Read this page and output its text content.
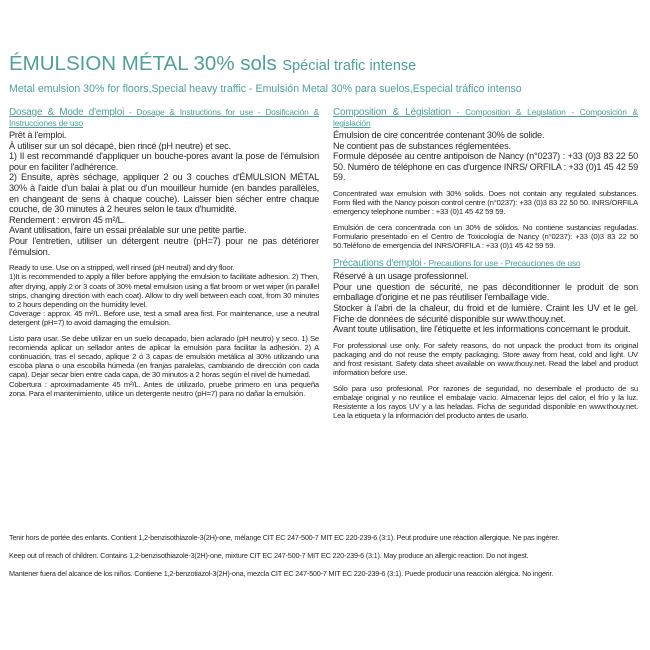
ÉMULSION MÉTAL 30% sols Spécial trafic intense

Metal emulsion 30% for floors,Special heavy traffic - Emulsión Metal 30% para suelos,Especial tráfico intenso

Dosage & Mode d'emploi - Dosage & Instructions for use - Dosificación & Instrucciones de uso

Prêt à l'emploi.

À utiliser sur un sol décapé, bien rincé (pH neutre) et sec.

1) Il est recommandé d'appliquer un bouche-pores avant la pose de l'émulsion pour en faciliter l'adhérence.

2) Ensuite, après séchage, appliquer 2 ou 3 couches d'ÉMULSION MÉTAL 30% à l'aide d'un balai à plat ou d'un mouilleur humide (en bandes parallèles, en changeant de sens à chaque couche). Laisser bien sécher entre chaque couche, de 30 minutes à 2 heures selon le taux d'humidité.

Rendement : environ 45 m²/L.

Avant utilisation, faire un essai préalable sur une petite partie.

Pour l'entretien, utiliser un détergent neutre (pH=7) pour ne pas détériorer l'émulsion.

Ready to use. Use on a stripped, well rinsed (pH neutral) and dry floor.

1)It is recommended to apply a filler before applying the emulsion to facilitate adhesion. 2) Then, after drying, apply 2 or 3 coats of 30% metal emulsion using a flat broom or wet wiper (in parallel strips, changing direction with each coat). Allow to dry well between each coat, from 30 minutes to 2 hours depending on the humidity level.

Coverage : approx. 45 m²/L. Before use, test a small area first. For maintenance, use a neutral detergent (pH=7) to avoid damaging the emulsion.

Listo para usar. Se debe utilizar en un suelo decapado, bien aclarado (pH neutro) y seco. 1) Se recomienda aplicar un sellador antes de aplicar la emulsión para facilitar la adhesión. 2) A continuación, tras el secado, aplique 2 ó 3 capas de emulsión metálica al 30% utilizando una escoba plana o una escobilla húmeda (en franjas paralelas, cambiando de dirección con cada capa). Dejar secar bien entre cada capa, de 30 minutos a 2 horas según el nivel de humedad.

Cobertura : aproximadamente 45 m²/L. Antes de utilizarlo, pruebe primero en una pequeña zona. Para el mantenimiento, utilice un detergente neutro (pH=7) para no dañar la emulsión.

Composition & Législation - Composition & Legislation - Composición & legislación

Émulsion de cire concentrée contenant 30% de solide.

Ne contient pas de substances réglementées.

Formule déposée au centre antipoison de Nancy (n°0237) : +33 (0)3 83 22 50 50. Numéro de téléphone en cas d'urgence INRS/ ORFILA : +33 (0)1 45 42 59 59.

Concentrated wax emulsion with 30% solids. Does not contain any regulated substances. Form filed with the Nancy poison control centre (n°0237): +33 (0)3 83 22 50 50. INRS/ORFILA emergency telephone number : +33 (0)1 45 42 59 59.

Emulsión de cera concentrada con un 30% de sólidos. No contiene sustancias reguladas. Formulario presentado en el Centro de Toxicología de Nancy (n°0237): +33 (0)3 83 22 50 50.Teléfono de emergencia del INRS/ORFILA : +33 (0)1 45 42 59 59.

Précautions d'emploi - Precautions for use - Precauciones de uso

Réservé à un usage professionnel.

Pour une question de sécurité, ne pas déconditionner le produit de son emballage d'origine et ne pas réutiliser l'emballage vide.

Stocker à l'abri de la chaleur, du froid et de lumière. Craint les UV et le gel. Fiche de données de sécurité disponible sur www.thouy.net.

Avant toute utilisation, lire l'étiquette et les informations concernant le produit.

For professional use only. For safety reasons, do not unpack the product from its original packaging and do not reuse the empty packaging. Store away from heat, cold and light. UV and frost resistant. Safety data sheet available on www.thouy.net. Read the label and product information before use.

Sólo para uso profesional. Por razones de seguridad, no desembale el producto de su embalaje original y no reutilice el embalaje vacío. Almacenar lejos del calor, el frío y la luz. Resistente a los rayos UV y a las heladas. Ficha de seguridad disponible en www.thouy.net. Lea la etiqueta y la información del producto antes de usarlo.

Tenir hors de portée des enfants. Contient 1,2-benzisothiazole-3(2H)-one, mélange CIT EC 247-500-7 MIT EC 220-239-6 (3:1). Peut produire une réaction allergique. Ne pas ingérer.

Keep out of reach of children. Contains 1,2-benzisothiazole-3(2H)-one, mixture CIT EC 247-500-7 MIT EC 220-239-6 (3:1). May produce an allergic reaction. Do not ingest.

Mantener fuera del alcance de los niños. Contiene 1,2-benzotiazol-3(2H)-ona, mezcla CIT EC 247-500-7 MIT EC 220-239-6 (3:1). Puede producir una reacción alérgica. No ingerir.
